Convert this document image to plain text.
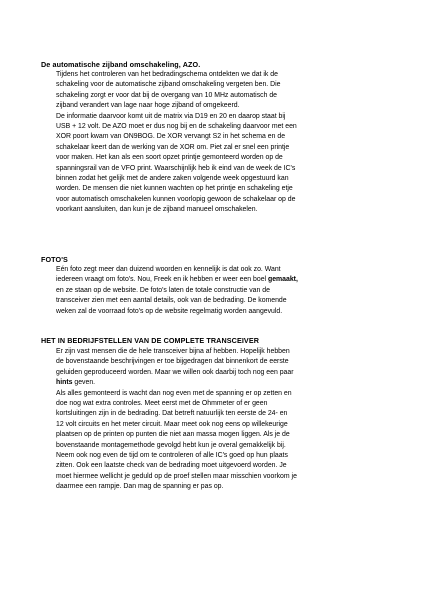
De automatische zijband omschakeling, AZO.
Tijdens het controleren van het bedradingschema ontdekten we dat ik de
schakeling voor de automatische zijband omschakeling vergeten ben. Die
schakeling zorgt er voor dat bij de overgang van 10 MHz automatisch de
zijband verandert van lage naar hoge zijband of omgekeerd.
De informatie daarvoor komt uit de matrix via D19 en 20 en daarop staat bij
USB + 12 volt. De AZO moet er dus nog bij en de schakeling daarvoor met een
XOR poort kwam van ON9BOG. De XOR vervangt S2 in het schema en de
schakelaar keert dan de werking van de XOR om. Piet zal er snel een printje
voor maken. Het kan als een soort opzet printje gemonteerd worden op de
spanningsrail van de VFO print. Waarschijnlijk heb ik eind van de week de IC's
binnen zodat het gelijk met de andere zaken volgende week opgestuurd kan
worden. De mensen die niet kunnen wachten op het printje en schakeling etje
voor automatisch omschakelen kunnen voorlopig gewoon de schakelaar op de
voorkant aansluiten, dan kun je de zijband manueel omschakelen.
FOTO'S
Eén foto zegt meer dan duizend woorden en kennelijk is dat ook zo. Want
iedereen vraagt om foto's. Nou, Freek en ik hebben er weer een boel gemaakt,
en ze staan op de website. De foto's laten de totale constructie van de
transceiver zien met een aantal details, ook van de bedrading. De komende
weken zal de voorraad foto's op de website regelmatig worden aangevuld.
HET IN BEDRIJFSTELLEN VAN DE COMPLETE TRANSCEIVER
Er zijn vast mensen die de hele transceiver bijna af hebben. Hopelijk hebben
de bovenstaande beschrijvingen er toe bijgedragen dat binnenkort de eerste
geluiden geproduceerd worden. Maar we willen ook daarbij toch nog een paar
hints geven.
Als alles gemonteerd is wacht dan nog even met de spanning er op zetten en
doe nog wat extra controles. Meet eerst met de Ohmmeter of er geen
kortsluitingen zijn in de bedrading. Dat betreft natuurlijk ten eerste de 24- en
12 volt circuits en het meter circuit. Maar meet ook nog eens op willekeurige
plaatsen op de printen op punten die niet aan massa mogen liggen. Als je de
bovenstaande montagemethode gevolgd hebt kun je overal gemakkelijk bij.
Neem ook nog even de tijd om te controleren of alle IC's goed op hun plaats
zitten. Ook een laatste check van de bedrading moet uitgevoerd worden. Je
moet hiermee wellicht je geduld op de proef stellen maar misschien voorkom je
daarmee een rampje. Dan mag de spanning er pas op.
